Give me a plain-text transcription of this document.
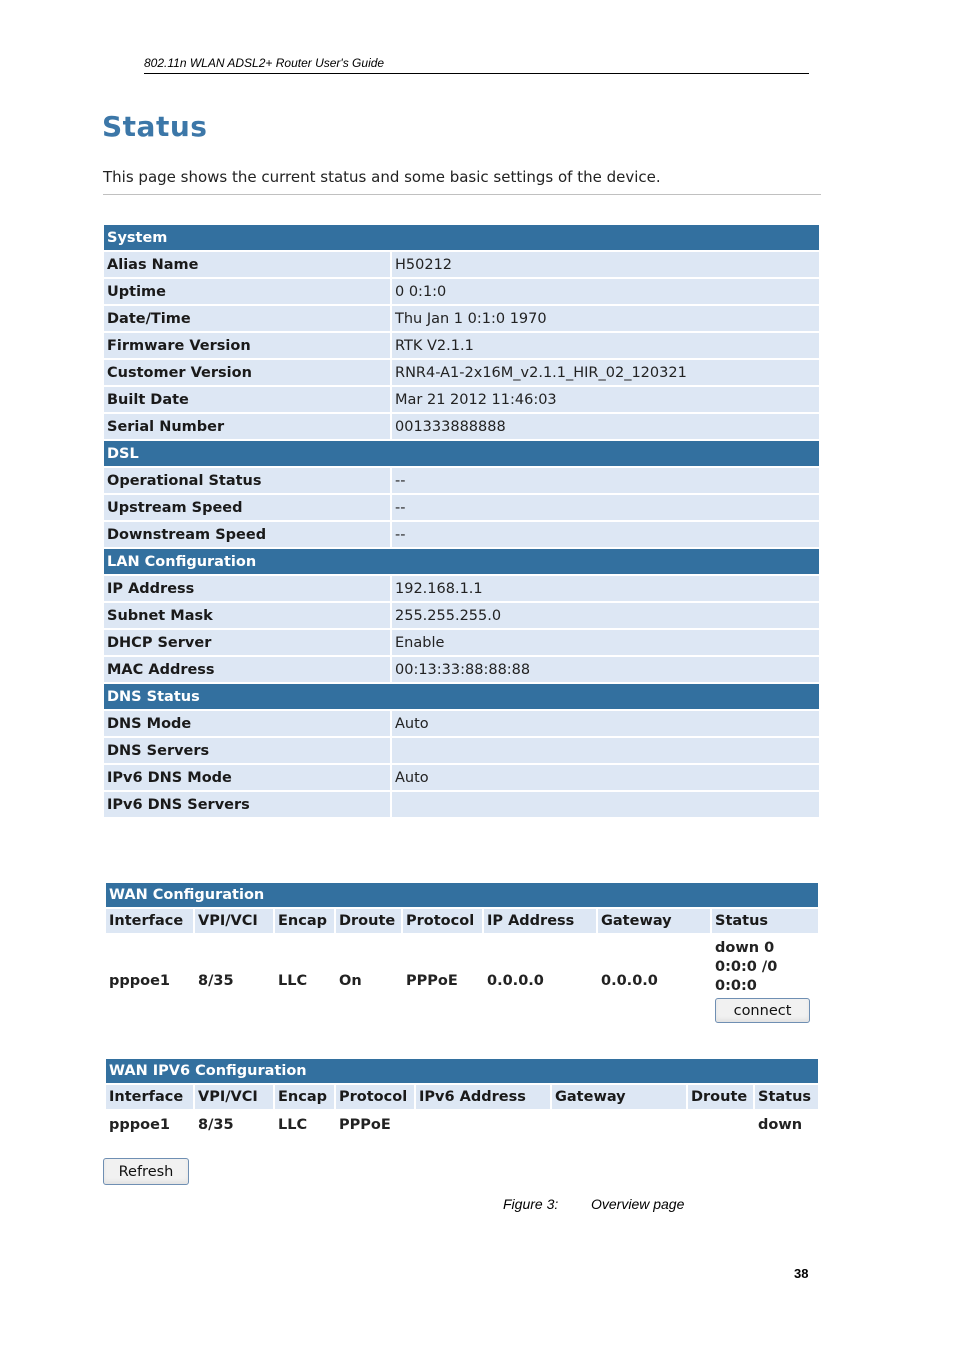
802.11n WLAN ADSL2+ Router User's Guide
Status
This page shows the current status and some basic settings of the device.
System	
Alias Name	H50212
Uptime	0 0:1:0
Date/Time	Thu Jan 1 0:1:0 1970
Firmware Version	RTK V2.1.1
Customer Version	RNR4-A1-2x16M_v2.1.1_HIR_02_120321
Built Date	Mar 21 2012 11:46:03
Serial Number	001333888888
DSL	
Operational Status	--
Upstream Speed	--
Downstream Speed	--
LAN Configuration	
IP Address	192.168.1.1
Subnet Mask	255.255.255.0
DHCP Server	Enable
MAC Address	00:13:33:88:88:88
DNS Status	
DNS Mode	Auto
DNS Servers	
IPv6 DNS Mode	Auto
IPv6 DNS Servers	
WAN Configuration							
Interface	VPI/VCI	Encap	Droute	Protocol	IP Address	Gateway	Status
pppoe1	8/35	LLC	On	PPPoE	0.0.0.0	0.0.0.0	down 0
0:0:0 /0
0:0:0
connect
WAN IPV6 Configuration							
Interface	VPI/VCI	Encap	Protocol	IPv6 Address	Gateway	Droute	Status
pppoe1	8/35	LLC	PPPoE				down
Refresh
Figure 3: Overview page
38
